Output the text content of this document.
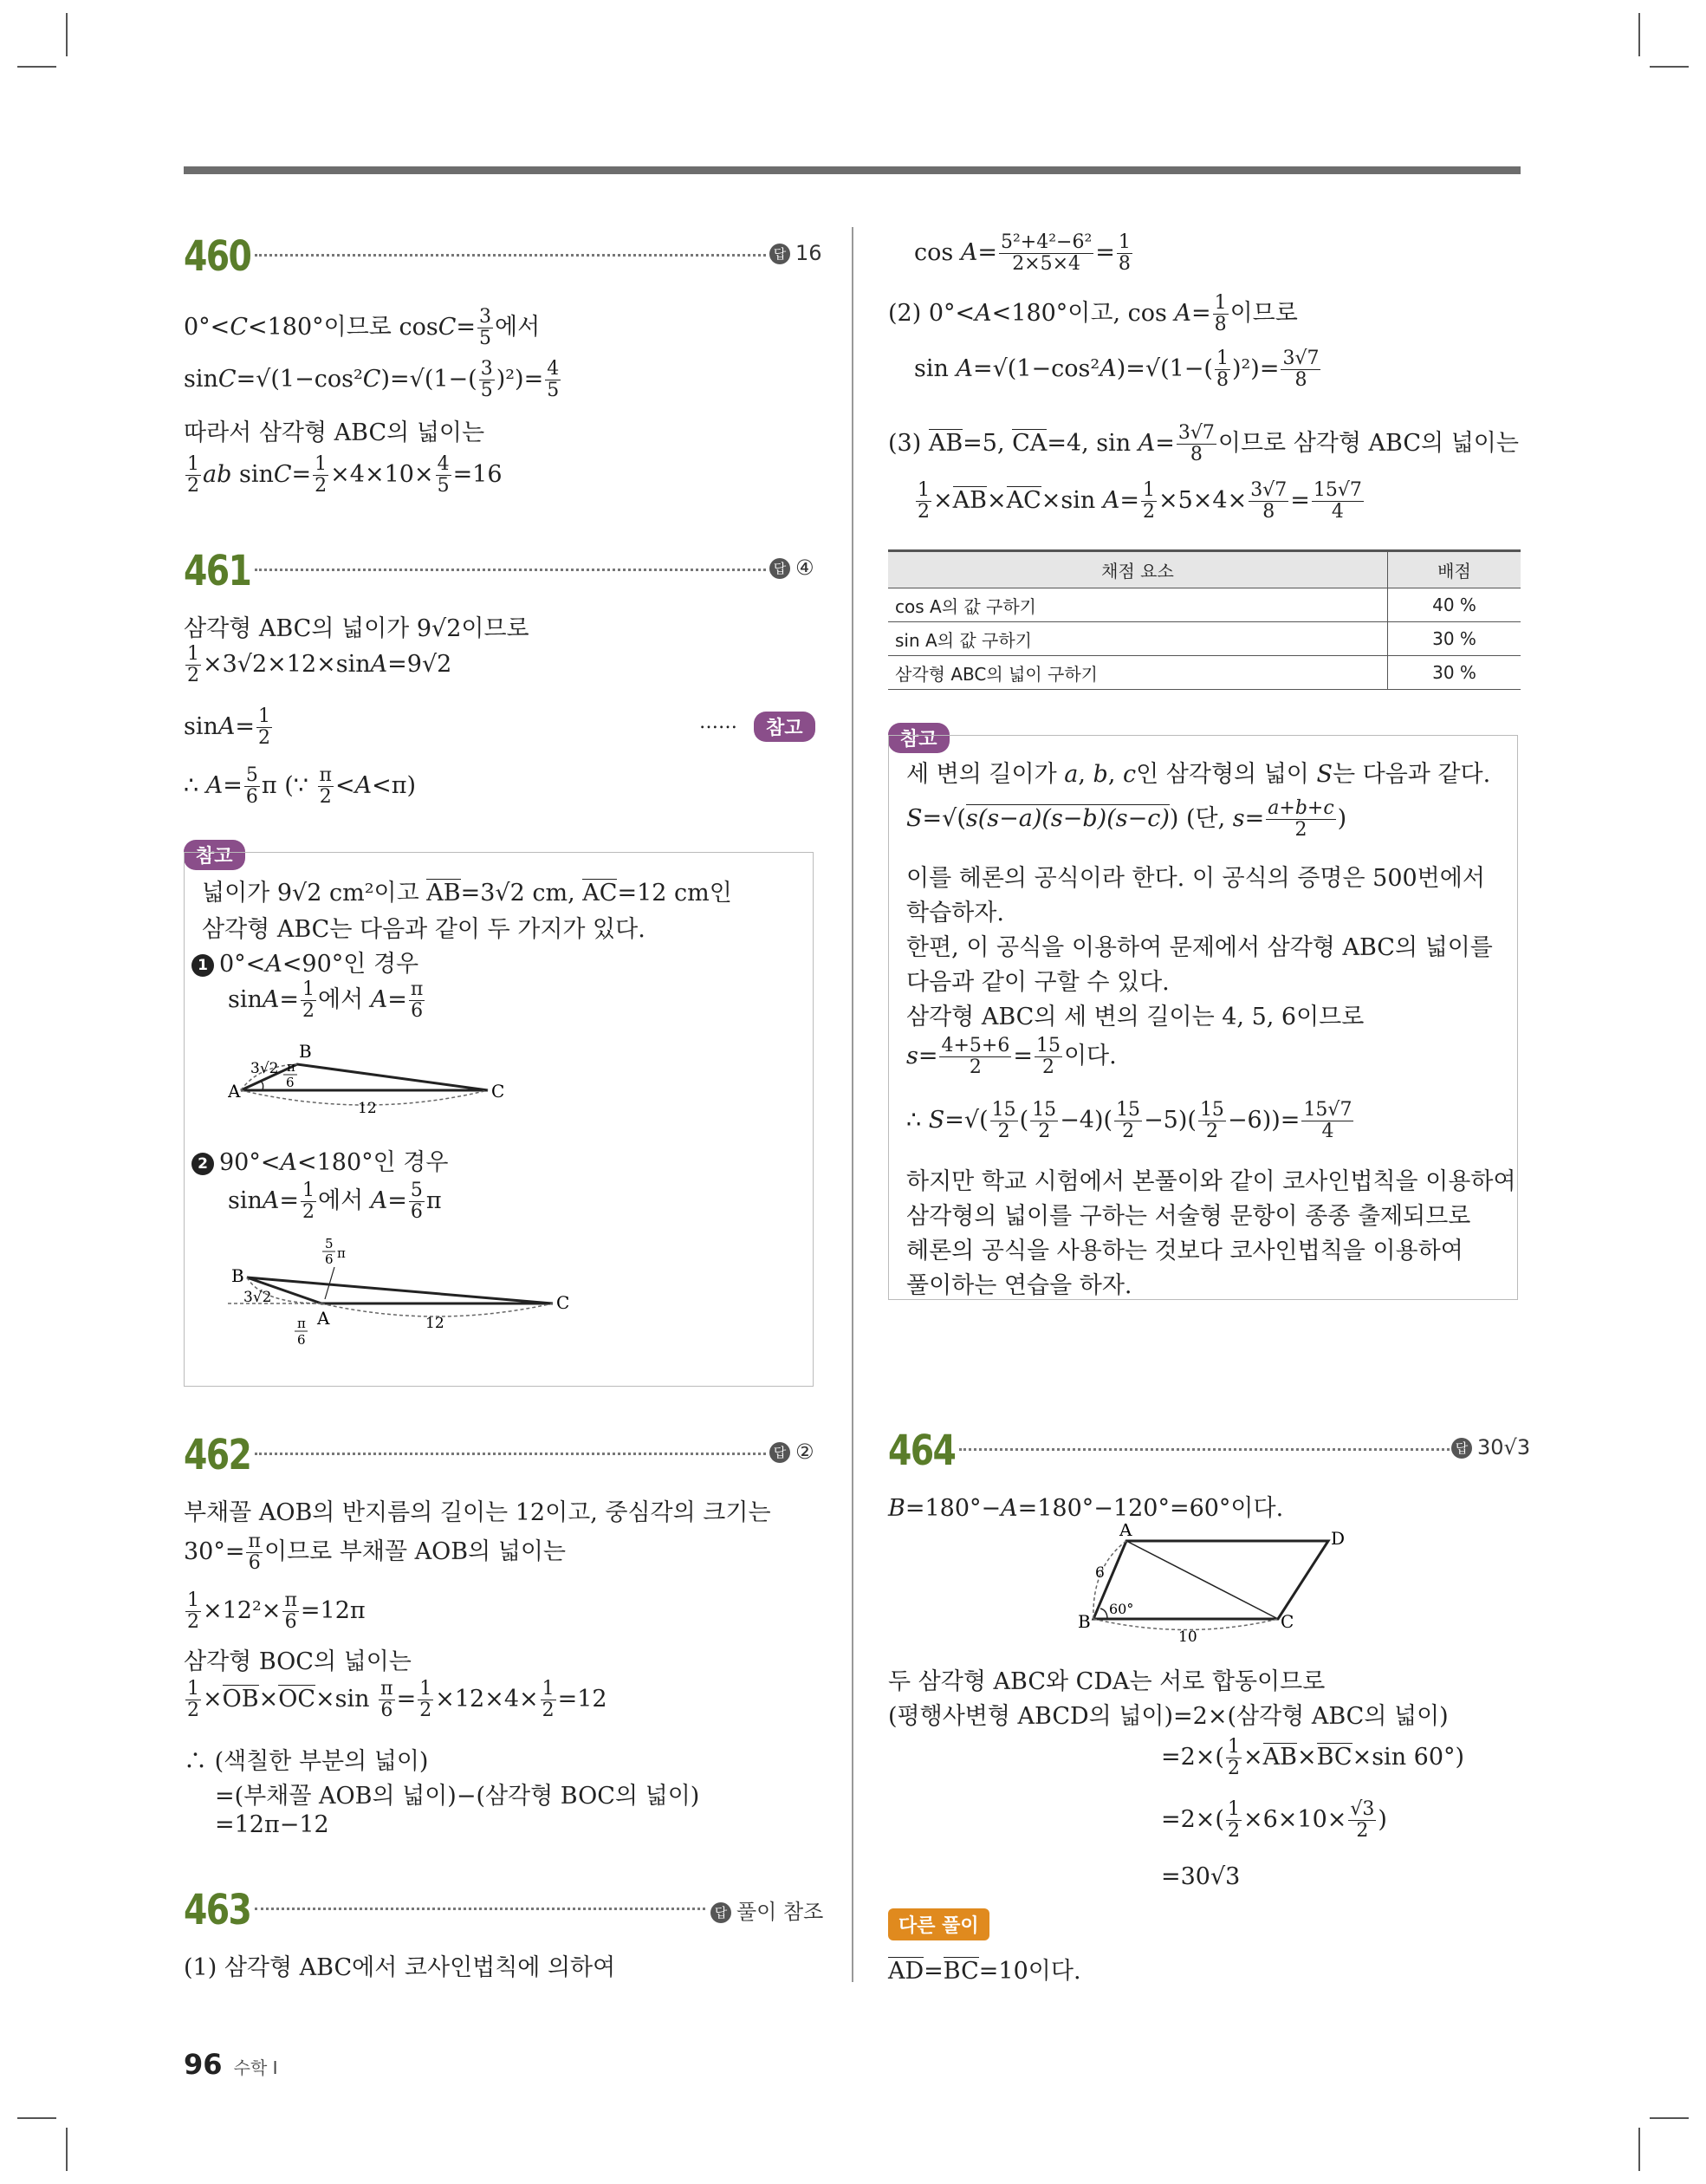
460	답 16
0°<C<180°이므로 $\cos C= \frac{3}{5}$ 에서
$\sin C=√(1-\cos^2C)=√(1-( \frac{3}{5} )^2)= \frac{4}{5}$
따라서 삼각형 ABC의 넓이는
$\frac{1}{2}$ ab $\sin C= \frac{1}{2} \times 4\times 10\times \frac{4}{5} =16$
461	답 ④
삼각형 ABC의 넓이가 9√2이므로
$\frac{1}{2} \times 3√2\times 12\times\sin A=9√2$
$\sin A= \frac{1}{2}$	……	참고
∴ $A= \frac{5}{6}$ π (∵ $\frac{\pi}{2} <A<\pi$)
참고
넓이가 9√2 cm²이고 AB=3√2 cm, AC=12 cm인
삼각형 ABC는 다음과 같이 두 가지가 있다.
1 0°<A<90°인 경우
$\sin A= \frac{1}{2}$ 에서 $A= \frac{\pi}{6}$
B
A	C
3√2 π
6
12
2 90°<A<180°인 경우
$\sin A= \frac{1}{2}$ 에서 $A= \frac{5}{6}$ π
5
6 π
B
A
C
3√2
π
6
12
462	답 ②
부채꼴 AOB의 반지름의 길이는 12이고, 중심각의 크기는
$30^\circ= \frac{\pi}{6}$ 이므로 부채꼴 AOB의 넓이는
$\frac{1}{2} \times 12^2\times \frac{\pi}{6} =12\pi$
삼각형 BOC의 넓이는
$\frac{1}{2} \times OB\times OC\times\sin \frac{\pi}{6} = \frac{1}{2} \times 12\times 4\times \frac{1}{2} =12$
∴ (색칠한 부분의 넓이)
=(부채꼴 AOB의 넓이)−(삼각형 BOC의 넓이)
=12π−12
463	답 풀이 참조
(1) 삼각형 ABC에서 코사인법칙에 의하여
$\cos A= \frac{\text{5²+4²−6²}}{2\times 5\times 4} = \frac{1}{8}$
(2) 0°<A<180°이고, $\cos A= \frac{1}{8}$ 이므로
$\sin A=√(1-\cos^2A)=√(1-( \frac{1}{8} )^2)= \frac{3√7}{8}$
(3) AB=5, CA=4, $\sin A= \frac{3√7}{8}$ 이므로 삼각형 ABC의 넓이는
$\frac{1}{2} \times AB\times AC\times\sin$ $A= \frac{1}{2} \times 5\times 4\times \frac{3√7}{8} = \frac{15√7}{4}$
채점 요소	배점
cos A의 값 구하기	40 %
sin A의 값 구하기	30 %
삼각형 ABC의 넓이 구하기	30 %
참고
세 변의 길이가 a, b, c인 삼각형의 넓이 S는 다음과 같다.
S=√(s(s−a)(s−b)(s−c)) (단, $s= \frac{a+b+c}{2}$ )
이를 헤론의 공식이라 한다. 이 공식의 증명은 500번에서
학습하자.
한편, 이 공식을 이용하여 문제에서 삼각형 ABC의 넓이를
다음과 같이 구할 수 있다.
삼각형 ABC의 세 변의 길이는 4, 5, 6이므로
$s= \frac{4+5+6}{2} = \frac{15}{2}$ 이다.
∴ $S=√( \frac{15}{2}$ ( $\frac{15}{2} -4)( \frac{15}{2} -5)( \frac{15}{2} -6))= \frac{15√7}{4}$
하지만 학교 시험에서 본풀이와 같이 코사인법칙을 이용하여
삼각형의 넓이를 구하는 서술형 문항이 종종 출제되므로
헤론의 공식을 사용하는 것보다 코사인법칙을 이용하여
풀이하는 연습을 하자.
464	답 30√3
B=180°−A=180°−120°=60°이다.
A	D
B	C
6
60°
10
두 삼각형 ABC와 CDA는 서로 합동이므로
(평행사변형 ABCD의 넓이)=2×(삼각형 ABC의 넓이)
$=2\times( \frac{1}{2} \times AB\times BC\times\sin$ 60°)
$=2\times( \frac{1}{2} \times 6\times 10\times \frac{√3}{2}$ )
=30√3
다른 풀이
AD=BC=10이다.
96 수학 I
